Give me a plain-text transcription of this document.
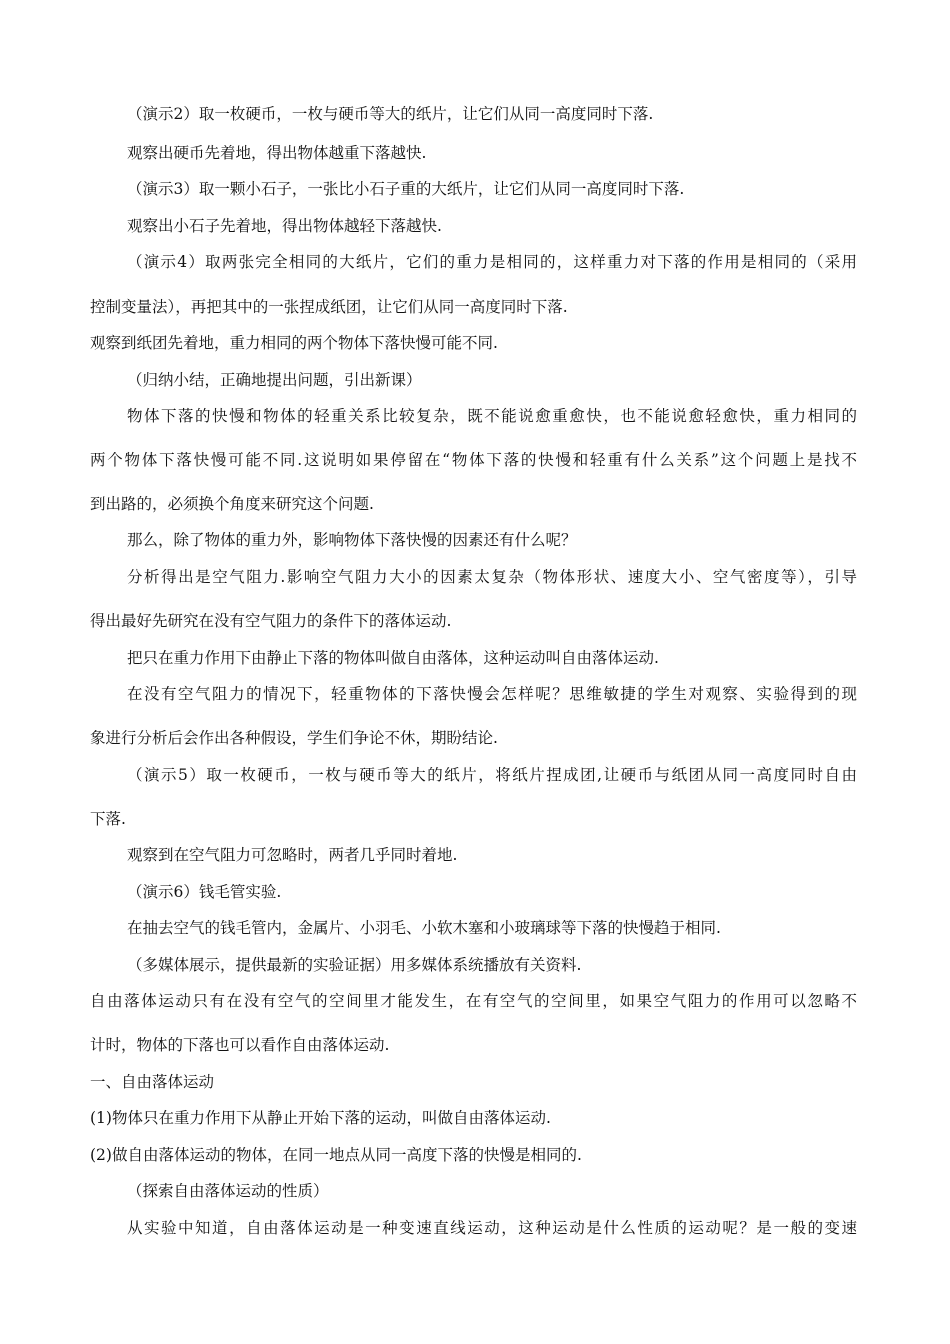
（演示2）取一枚硬币，一枚与硬币等大的纸片，让它们从同一高度同时下落.
观察出硬币先着地，得出物体越重下落越快.
（演示3）取一颗小石子，一张比小石子重的大纸片，让它们从同一高度同时下落.
观察出小石子先着地，得出物体越轻下落越快.
（演示4）取两张完全相同的大纸片，它们的重力是相同的，这样重力对下落的作用是相同的（采用
控制变量法），再把其中的一张捏成纸团，让它们从同一高度同时下落.
观察到纸团先着地，重力相同的两个物体下落快慢可能不同.
（归纳小结，正确地提出问题，引出新课）
物体下落的快慢和物体的轻重关系比较复杂，既不能说愈重愈快，也不能说愈轻愈快，重力相同的
两个物体下落快慢可能不同.这说明如果停留在“物体下落的快慢和轻重有什么关系”这个问题上是找不
到出路的，必须换个角度来研究这个问题.
那么，除了物体的重力外，影响物体下落快慢的因素还有什么呢？
分析得出是空气阻力.影响空气阻力大小的因素太复杂（物体形状、速度大小、空气密度等），引导
得出最好先研究在没有空气阻力的条件下的落体运动.
把只在重力作用下由静止下落的物体叫做自由落体，这种运动叫自由落体运动.
在没有空气阻力的情况下，轻重物体的下落快慢会怎样呢？思维敏捷的学生对观察、实验得到的现
象进行分析后会作出各种假设，学生们争论不休，期盼结论.
（演示5）取一枚硬币，一枚与硬币等大的纸片，将纸片捏成团,让硬币与纸团从同一高度同时自由
下落.
观察到在空气阻力可忽略时，两者几乎同时着地.
（演示6）钱毛管实验.
在抽去空气的钱毛管内，金属片、小羽毛、小软木塞和小玻璃球等下落的快慢趋于相同.
（多媒体展示，提供最新的实验证据）用多媒体系统播放有关资料.
自由落体运动只有在没有空气的空间里才能发生，在有空气的空间里，如果空气阻力的作用可以忽略不
计时，物体的下落也可以看作自由落体运动.
一、自由落体运动
(1)物体只在重力作用下从静止开始下落的运动，叫做自由落体运动.
(2)做自由落体运动的物体，在同一地点从同一高度下落的快慢是相同的.
（探索自由落体运动的性质）
从实验中知道，自由落体运动是一种变速直线运动，这种运动是什么性质的运动呢？是一般的变速
